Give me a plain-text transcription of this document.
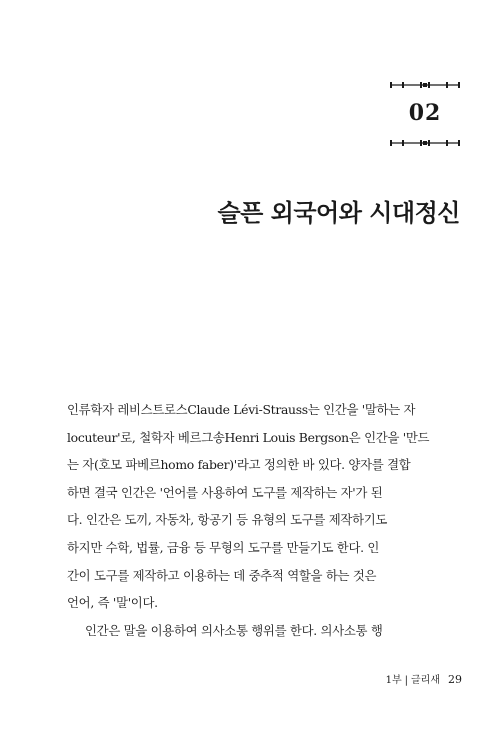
02
슬픈 외국어와 시대정신
인류학자 레비스트로스Claude Lévi-Strauss는 인간을 '말하는 자
locuteur'로, 철학자 베르그송Henri Louis Bergson은 인간을 '만드
는 자(호모 파베르homo faber)'라고 정의한 바 있다. 양자를 결합
하면 결국 인간은 '언어를 사용하여 도구를 제작하는 자'가 된
다. 인간은 도끼, 자동차, 항공기 등 유형의 도구를 제작하기도
하지만 수학, 법률, 금융 등 무형의 도구를 만들기도 한다. 인
간이 도구를 제작하고 이용하는 데 중추적 역할을 하는 것은
언어, 즉 '말'이다.
인간은 말을 이용하여 의사소통 행위를 한다. 의사소통 행
1부 | 글리새 29
